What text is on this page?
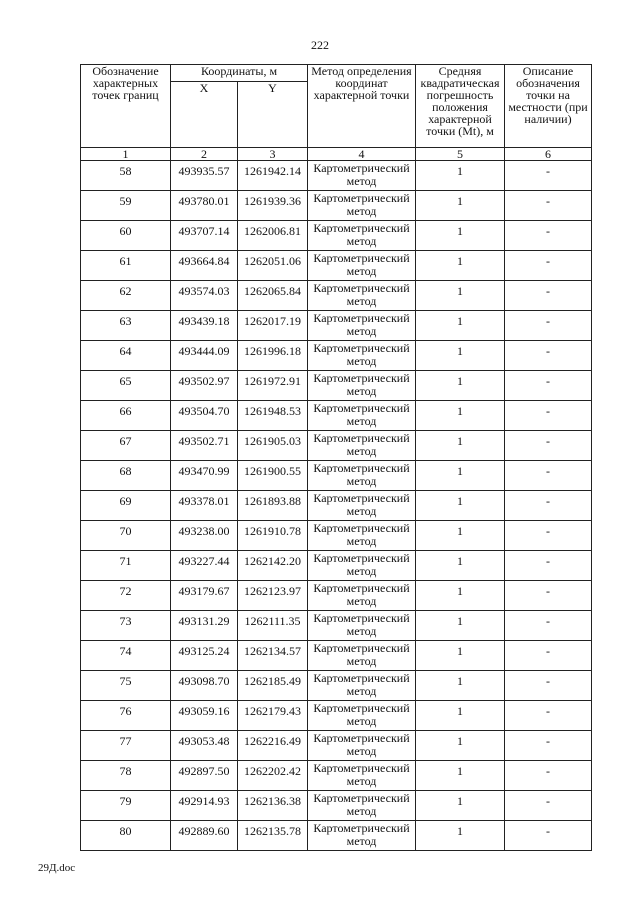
222
Обозначение характерных точек границ	Координаты, м		Метод определения координат характерной точки	Средняя квадратическая погрешность положения характерной точки (Mt), м	Описание обозначения точки на местности (при наличии)
	X	Y			
1	2	3	4	5	6
58	493935.57	1261942.14	Картометрический метод	1	-
59	493780.01	1261939.36	Картометрический метод	1	-
60	493707.14	1262006.81	Картометрический метод	1	-
61	493664.84	1262051.06	Картометрический метод	1	-
62	493574.03	1262065.84	Картометрический метод	1	-
63	493439.18	1262017.19	Картометрический метод	1	-
64	493444.09	1261996.18	Картометрический метод	1	-
65	493502.97	1261972.91	Картометрический метод	1	-
66	493504.70	1261948.53	Картометрический метод	1	-
67	493502.71	1261905.03	Картометрический метод	1	-
68	493470.99	1261900.55	Картометрический метод	1	-
69	493378.01	1261893.88	Картометрический метод	1	-
70	493238.00	1261910.78	Картометрический метод	1	-
71	493227.44	1262142.20	Картометрический метод	1	-
72	493179.67	1262123.97	Картометрический метод	1	-
73	493131.29	1262111.35	Картометрический метод	1	-
74	493125.24	1262134.57	Картометрический метод	1	-
75	493098.70	1262185.49	Картометрический метод	1	-
76	493059.16	1262179.43	Картометрический метод	1	-
77	493053.48	1262216.49	Картометрический метод	1	-
78	492897.50	1262202.42	Картометрический метод	1	-
79	492914.93	1262136.38	Картометрический метод	1	-
80	492889.60	1262135.78	Картометрический метод	1	-
29Д.doc
